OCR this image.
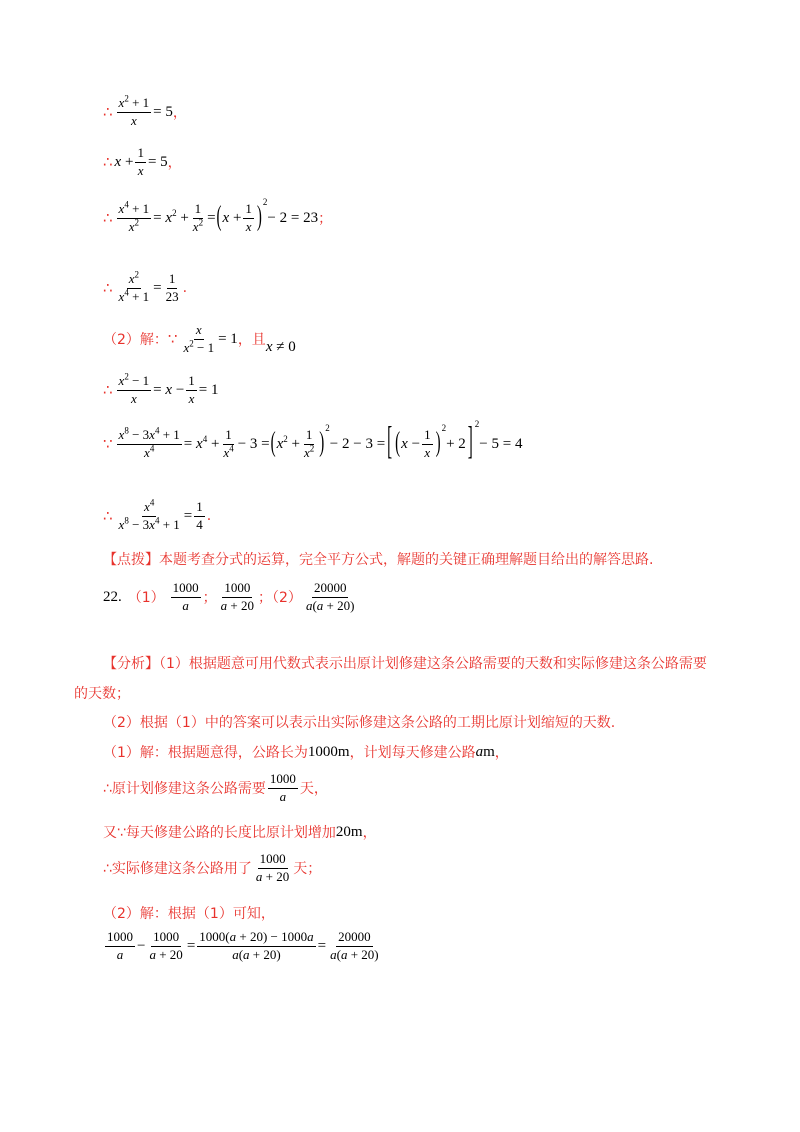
∴ $\frac{x^2 + 1}{x} = 5$ ，
∴ $x + \frac{1}{x} = 5$ ，
∴ $\frac{x^4 + 1}{x^2} = x^2 + \frac{1}{x^2}$ = ( $x + \frac{1}{x}$ ) 2
− 2 = 23 ；
∴ $\frac{x^2}{x^4 + 1} = \frac{1}{23}$ .
（2）解： ∵ $\frac{x}{x^2 - 1} = 1$ ，且 x ≠ 0
∴ $\frac{x^2 - 1}{x} = x - \frac{1}{x} = 1$
∵ $\frac{x^8 - 3x^4 + 1}{x^4} = x^4 + \frac{1}{x^4} - 3$ = ( $x^2 + \frac{1}{x^2}$ ) 2
− 2 − 3 = [ ( $x - \frac{1}{x}$ ) 2
+ 2 ] 2
− 5 = 4
∴ $\frac{x^4}{x^8 - 3x^4 + 1} = \frac{1}{4}$ .
【点拨】本题考查分式的运算，完全平方公式，解题的关键正确理解题目给出的解答思路.
22. $(1) \frac{1000}{a}$ ； $\frac{1000}{a + 20}$ ；$(2) \frac{20000}{a(a + 20)}$
【分析】（1）根据题意可用代数式表示出原计划修建这条公路需要的天数和实际修建这条公路需要
的天数；
（2）根据（1）中的答案可以表示出实际修建这条公路的工期比原计划缩短的天数.
（1）解：根据题意得，公路长为 1000m ，计划每天修建公路 a m ，
∴原计划修建这条公路需要 $\frac{1000}{a}$ 天，
又∵每天修建公路的长度比原计划增加 20m ，
∴实际修建这条公路用了 $\frac{1000}{a + 20}$ 天；
（2）解：根据（1）可知，
$\frac{1000}{a} - \frac{1000}{a + 20} = \frac{1000(a + 20) - 1000a}{a(a + 20)} = \frac{20000}{a(a + 20)}$
